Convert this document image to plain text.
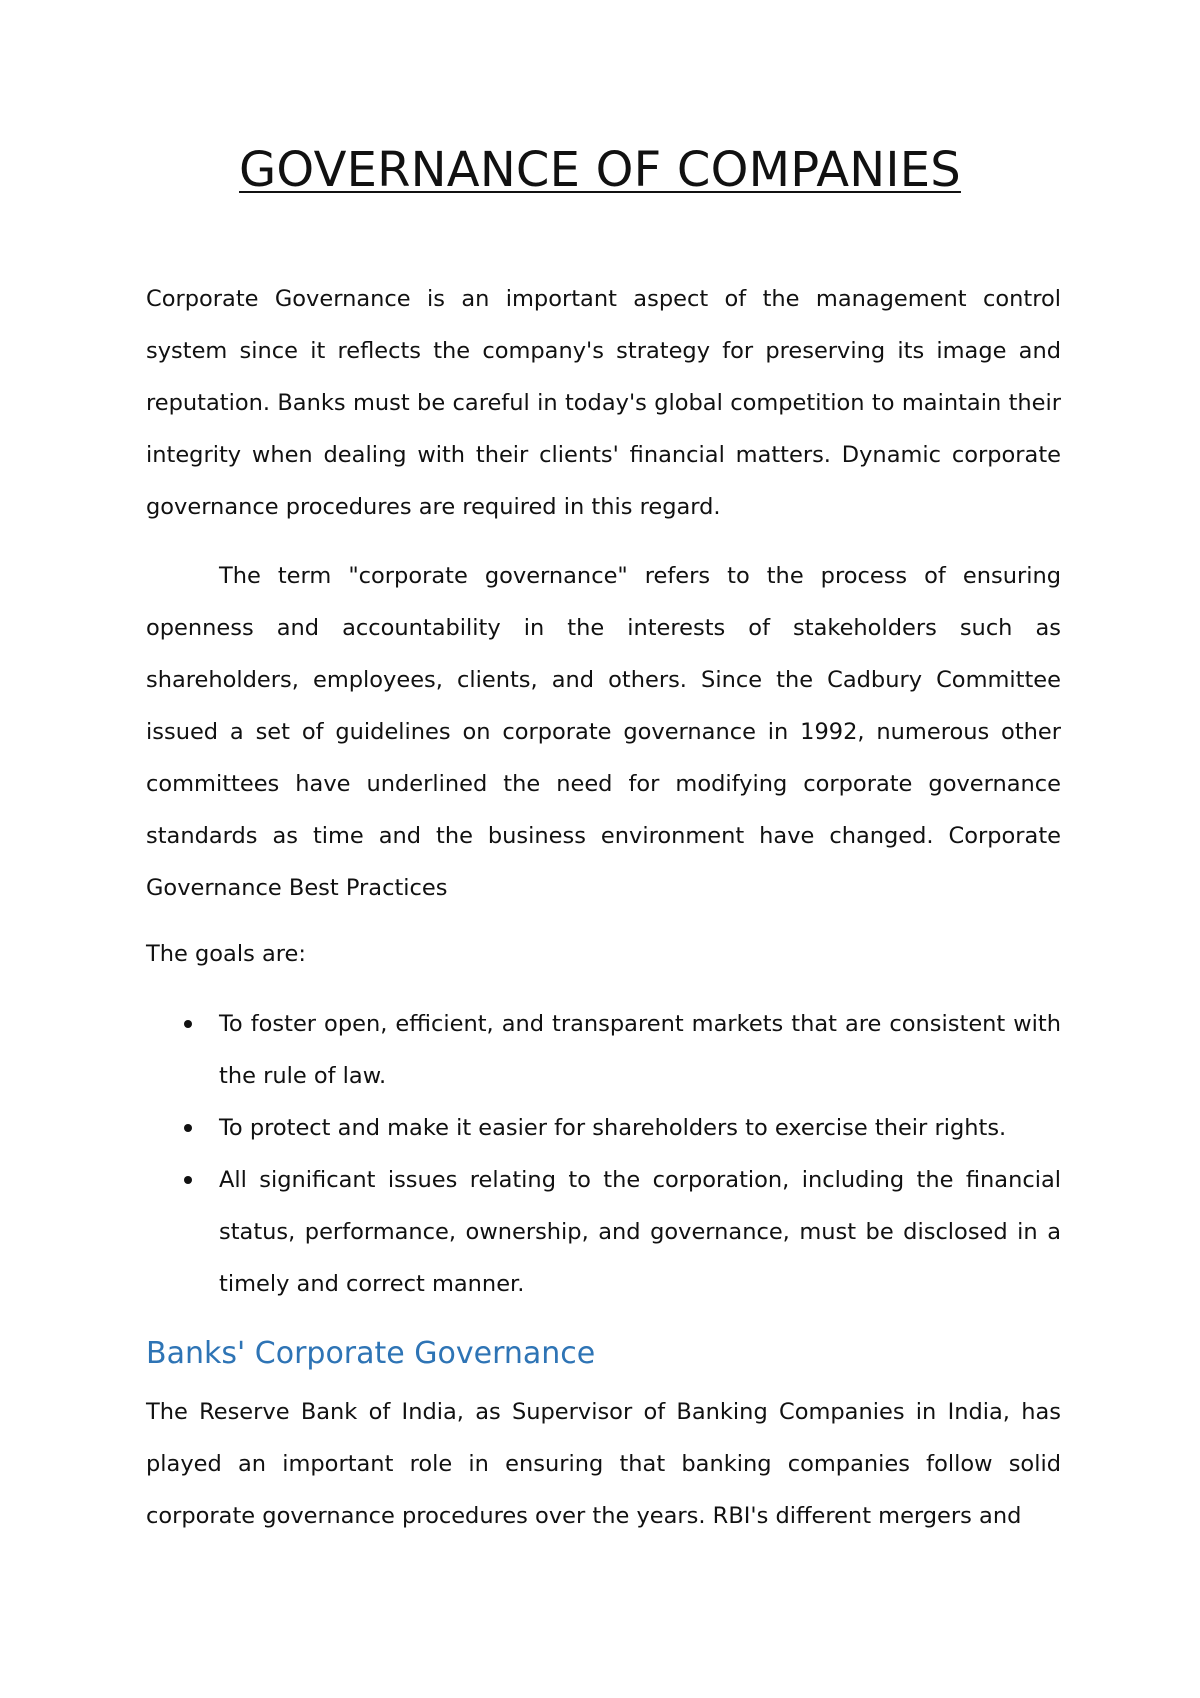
GOVERNANCE OF COMPANIES

Corporate Governance is an important aspect of the management control system since it reflects the company's strategy for preserving its image and reputation. Banks must be careful in today's global competition to maintain their integrity when dealing with their clients' financial matters. Dynamic corporate governance procedures are required in this regard.

The term "corporate governance" refers to the process of ensuring openness and accountability in the interests of stakeholders such as shareholders, employees, clients, and others. Since the Cadbury Committee issued a set of guidelines on corporate governance in 1992, numerous other committees have underlined the need for modifying corporate governance standards as time and the business environment have changed. Corporate Governance Best Practices

The goals are:

To foster open, efficient, and transparent markets that are consistent with the rule of law.
To protect and make it easier for shareholders to exercise their rights.
All significant issues relating to the corporation, including the financial status, performance, ownership, and governance, must be disclosed in a timely and correct manner.
Banks' Corporate Governance

The Reserve Bank of India, as Supervisor of Banking Companies in India, has played an important role in ensuring that banking companies follow solid corporate governance procedures over the years. RBI's different mergers and
